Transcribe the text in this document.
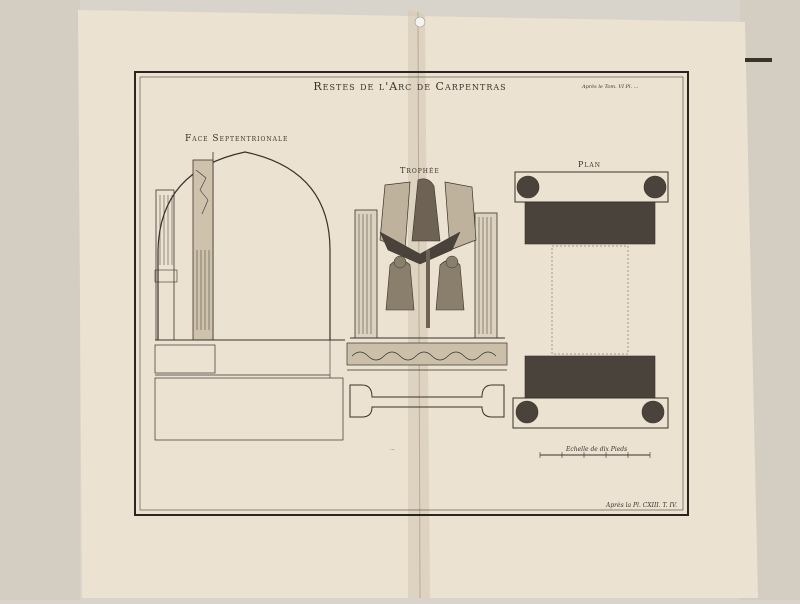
Restes de l'Arc de Carpentras	Après le Tom. VI Pl. ...
Face Septentrionale
Trophée
Plan
...	Echelle de dix Pieds
Après la Pl. CXIII. T. IV.
